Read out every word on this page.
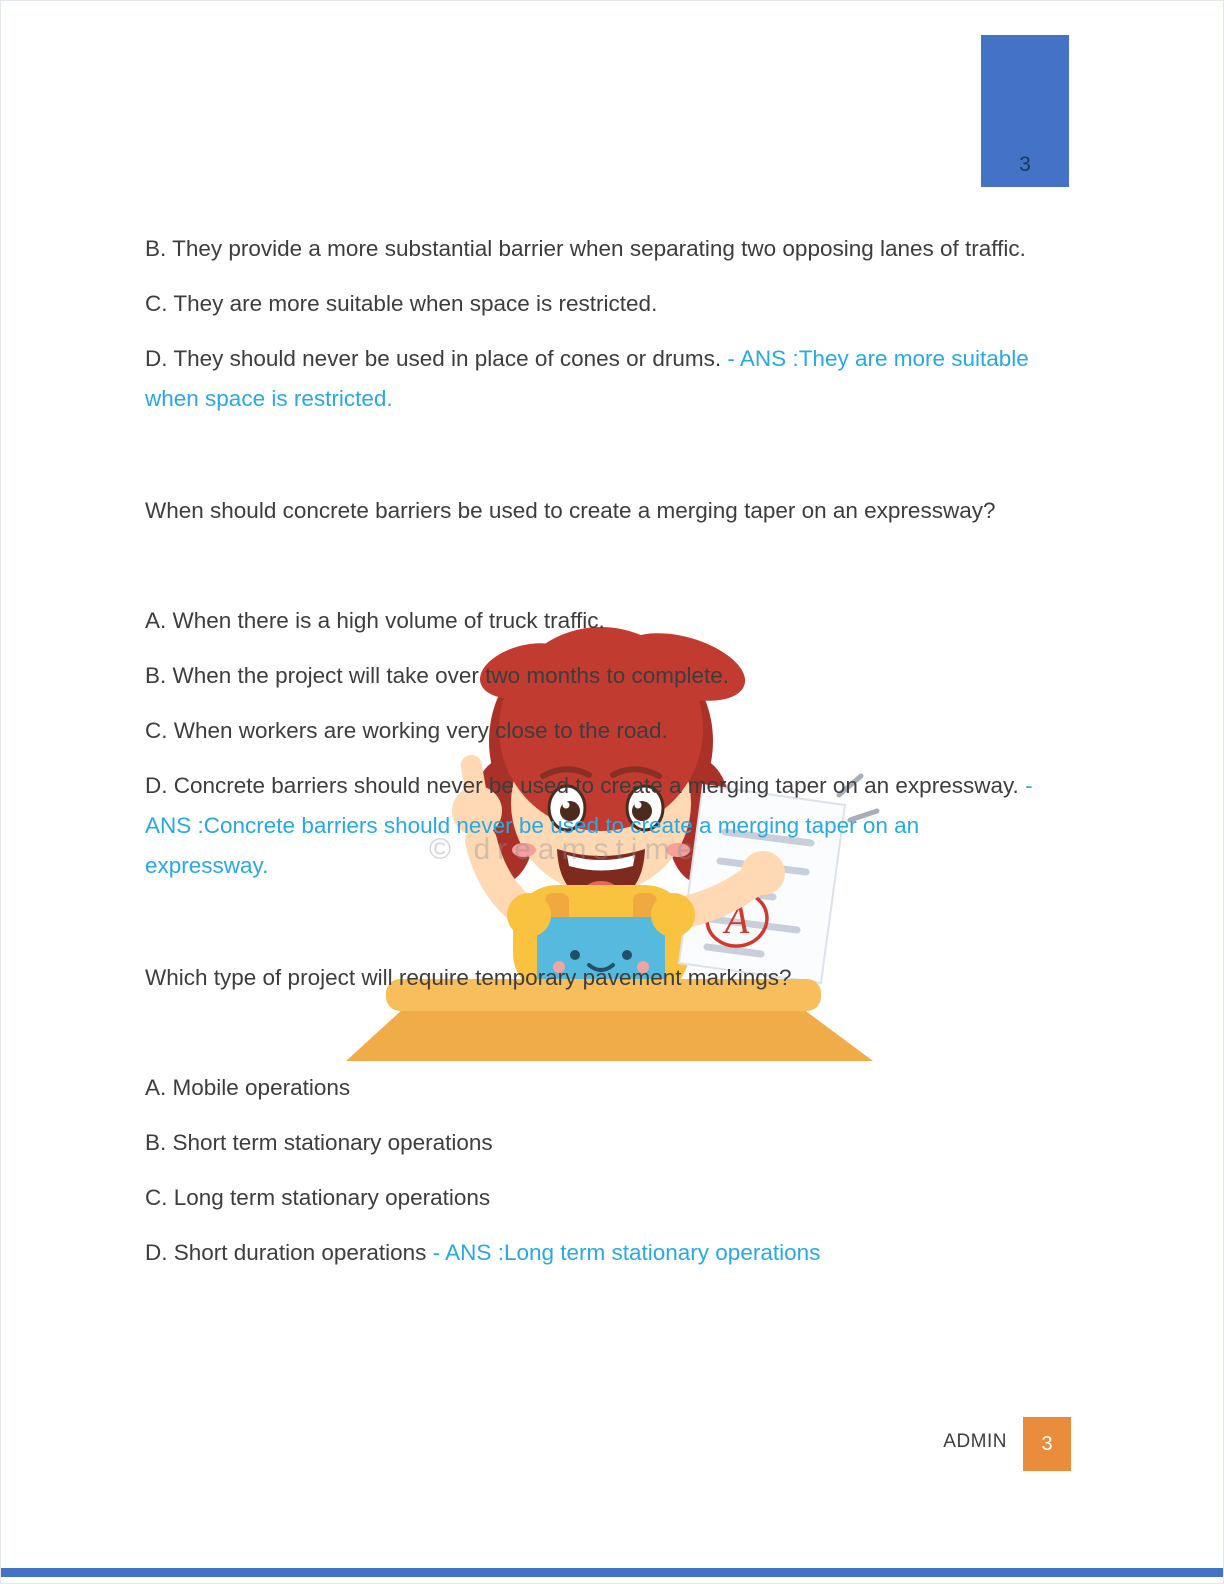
3
A
© dreamstime

B. They provide a more substantial barrier when separating two opposing lanes of traffic.

C. They are more suitable when space is restricted.

D. They should never be used in place of cones or drums. - ANS :They are more suitable when space is restricted.

When should concrete barriers be used to create a merging taper on an expressway?

A. When there is a high volume of truck traffic.

B. When the project will take over two months to complete.

C. When workers are working very close to the road.

D. Concrete barriers should never be used to create a merging taper on an expressway. - ANS :Concrete barriers should never be used to create a merging taper on an expressway.

Which type of project will require temporary pavement markings?

A. Mobile operations

B. Short term stationary operations

C. Long term stationary operations

D. Short duration operations - ANS :Long term stationary operations

ADMIN 3
